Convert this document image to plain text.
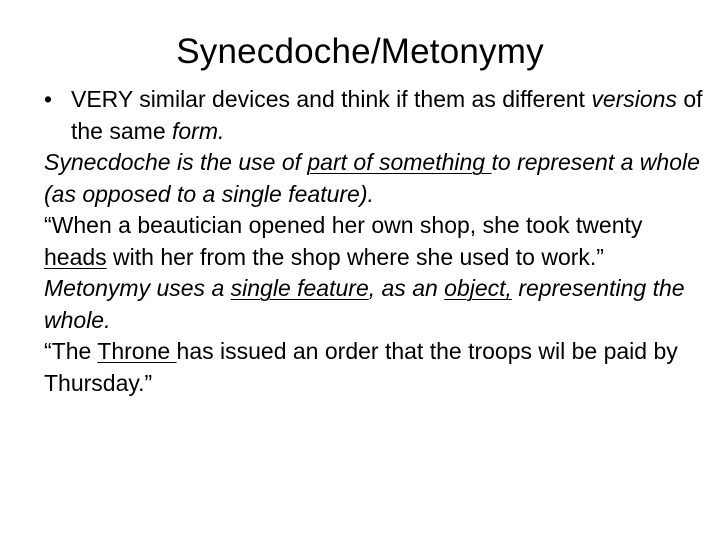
Synecdoche/Metonymy

• VERY similar devices and think if them as different versions of the same form.

Synecdoche is the use of part of something to represent a whole (as opposed to a single feature).

“When a beautician opened her own shop, she took twenty heads with her from the shop where she used to work.”

Metonymy uses a single feature, as an object, representing the whole.

“The Throne has issued an order that the troops wil be paid by Thursday.”
